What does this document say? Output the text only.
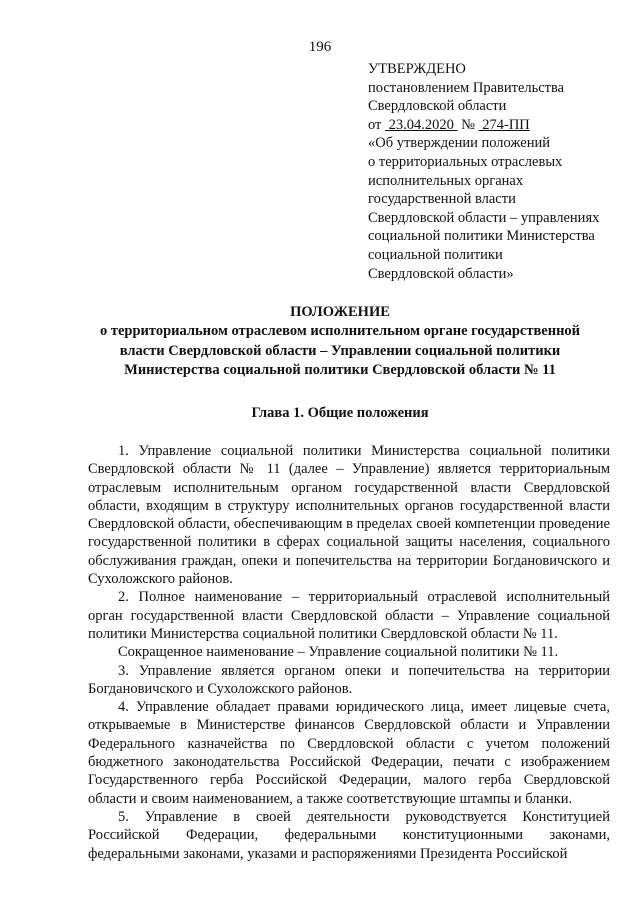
196
УТВЕРЖДЕНО
постановлением Правительства
Свердловской области
от  23.04.2020  №  274-ПП
«Об утверждении положений
о территориальных отраслевых
исполнительных органах
государственной власти
Свердловской области – управлениях
социальной политики Министерства
социальной политики
Свердловской области»
ПОЛОЖЕНИЕ
о территориальном отраслевом исполнительном органе государственной
власти Свердловской области – Управлении социальной политики
Министерства социальной политики Свердловской области № 11
Глава 1. Общие положения

1. Управление социальной политики Министерства социальной политики Свердловской области № 11 (далее – Управление) является территориальным отраслевым исполнительным органом государственной власти Свердловской области, входящим в структуру исполнительных органов государственной власти Свердловской области, обеспечивающим в пределах своей компетенции проведение государственной политики в сферах социальной защиты населения, социального обслуживания граждан, опеки и попечительства на территории Богдановичского и Сухоложского районов.

2. Полное наименование – территориальный отраслевой исполнительный орган государственной власти Свердловской области – Управление социальной политики Министерства социальной политики Свердловской области № 11.

Сокращенное наименование – Управление социальной политики № 11.

3. Управление является органом опеки и попечительства на территории Богдановичского и Сухоложского районов.

4. Управление обладает правами юридического лица, имеет лицевые счета, открываемые в Министерстве финансов Свердловской области и Управлении Федерального казначейства по Свердловской области с учетом положений бюджетного законодательства Российской Федерации, печати с изображением Государственного герба Российской Федерации, малого герба Свердловской области и своим наименованием, а также соответствующие штампы и бланки.

5. Управление в своей деятельности руководствуется Конституцией Российской Федерации, федеральными конституционными законами, федеральными законами, указами и распоряжениями Президента Российской
